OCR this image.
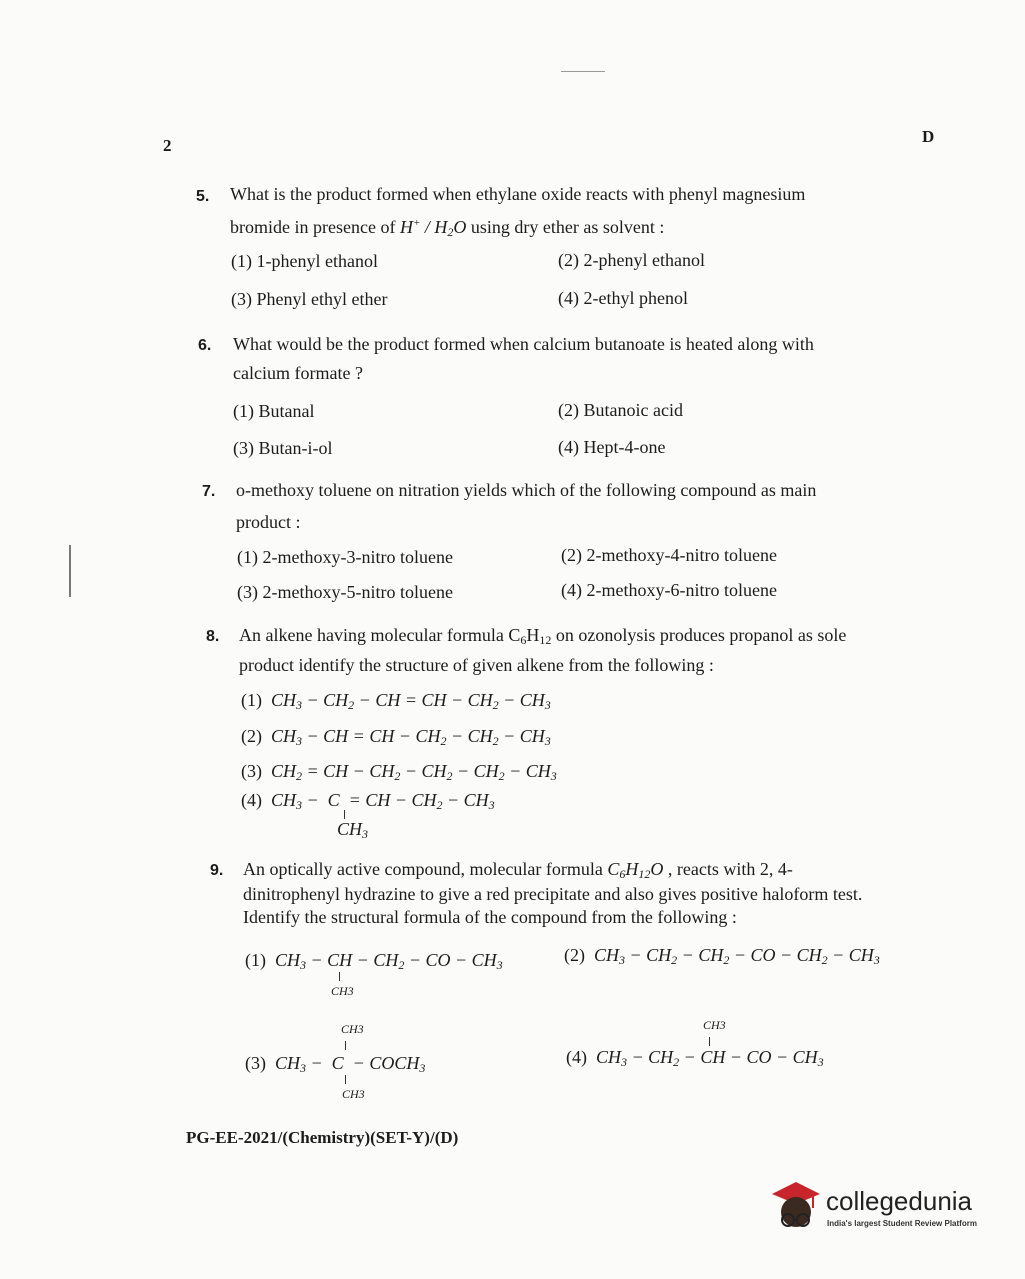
2	D
5. What is the product formed when ethylane oxide reacts with phenyl magnesium
bromide in presence of $H^+ / H_2O$ using dry ether as solvent :
(1) 1-phenyl ethanol	(2) 2-phenyl ethanol
(3) Phenyl ethyl ether	(4) 2-ethyl phenol
6. What would be the product formed when calcium butanoate is heated along with
calcium formate ?
(1) Butanal	(2) Butanoic acid
(3) Butan-i-ol	(4) Hept-4-one
7. o-methoxy toluene on nitration yields which of the following compound as main
product :
(1) 2-methoxy-3-nitro toluene	(2) 2-methoxy-4-nitro toluene
(3) 2-methoxy-5-nitro toluene	(4) 2-methoxy-6-nitro toluene
8. An alkene having molecular formula C6H12 on ozonolysis produces propanol as sole
product identify the structure of given alkene from the following :
(1) $CH_3 - CH_2$ − CH = CH − $CH_2 - CH_3$
(2) $CH_3$ − CH = CH − $CH_2 - CH_2 - CH_3$
(3) $CH_2$ = CH − $CH_2 - CH_2 - CH_2 - CH_3$
(4) $CH_3 - C$  = CH − $CH_2 - CH_3$
$CH_3$
9. An optically active compound, molecular formula $C_6H_{12}O$ , reacts with 2, 4-
dinitrophenyl hydrazine to give a red precipitate and also gives positive haloform test.
Identify the structural formula of the compound from the following :
(1) $CH_3$ − CH − $CH_2$ − CO − $CH_3$
CH3
(2) $CH_3 - CH_2 - CH_2$ − CO − $CH_2 - CH_3$
CH3
(3) $CH_3 - C$  − $COCH_3$
CH3
CH3
(4) $CH_3 - CH_2$ − CH − CO − $CH_3$
PG-EE-2021/(Chemistry)(SET-Y)/(D)
collegedunia
India's largest Student Review Platform
